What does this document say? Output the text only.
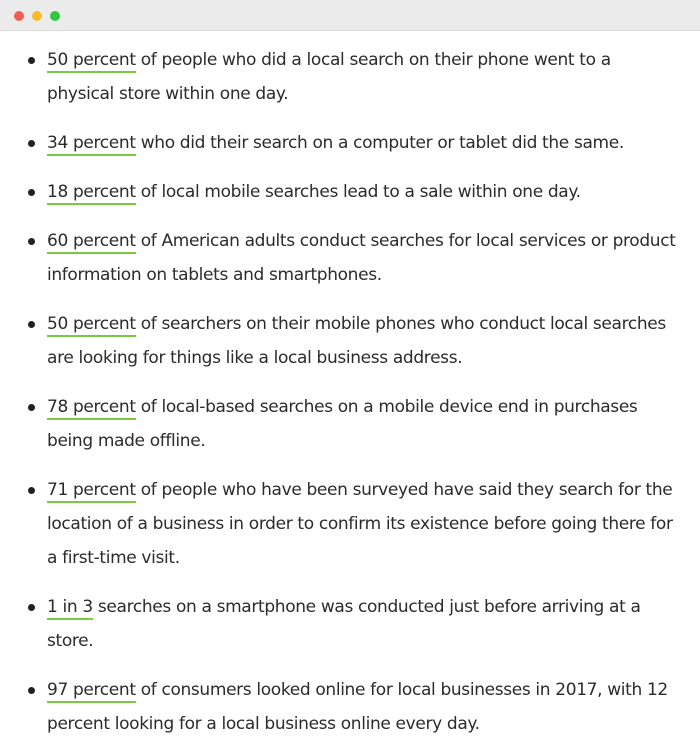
50 percent of people who did a local search on their phone went to a physical store within one day.
34 percent who did their search on a computer or tablet did the same.
18 percent of local mobile searches lead to a sale within one day.
60 percent of American adults conduct searches for local services or product information on tablets and smartphones.
50 percent of searchers on their mobile phones who conduct local searches are looking for things like a local business address.
78 percent of local-based searches on a mobile device end in purchases being made offline.
71 percent of people who have been surveyed have said they search for the location of a business in order to confirm its existence before going there for a first-time visit.
1 in 3 searches on a smartphone was conducted just before arriving at a store.
97 percent of consumers looked online for local businesses in 2017, with 12 percent looking for a local business online every day.
